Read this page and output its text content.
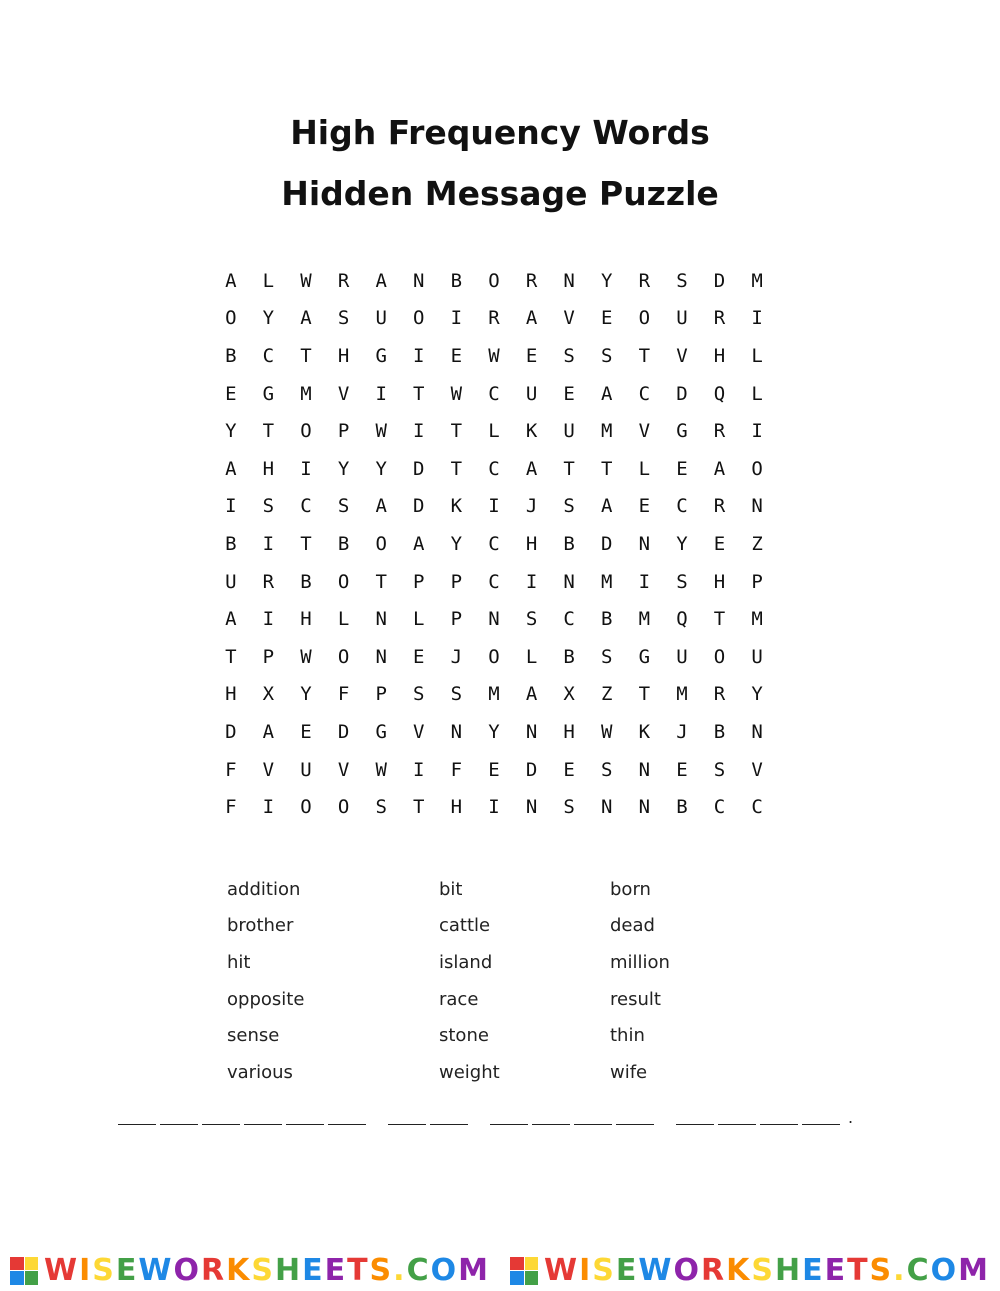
High Frequency Words
Hidden Message Puzzle
A	L	W	R	A	N	B	O	R	N	Y	R	S	D	M
O	Y	A	S	U	O	I	R	A	V	E	O	U	R	I
B	C	T	H	G	I	E	W	E	S	S	T	V	H	L
E	G	M	V	I	T	W	C	U	E	A	C	D	Q	L
Y	T	O	P	W	I	T	L	K	U	M	V	G	R	I
A	H	I	Y	Y	D	T	C	A	T	T	L	E	A	O
I	S	C	S	A	D	K	I	J	S	A	E	C	R	N
B	I	T	B	O	A	Y	C	H	B	D	N	Y	E	Z
U	R	B	O	T	P	P	C	I	N	M	I	S	H	P
A	I	H	L	N	L	P	N	S	C	B	M	Q	T	M
T	P	W	O	N	E	J	O	L	B	S	G	U	O	U
H	X	Y	F	P	S	S	M	A	X	Z	T	M	R	Y
D	A	E	D	G	V	N	Y	N	H	W	K	J	B	N
F	V	U	V	W	I	F	E	D	E	S	N	E	S	V
F	I	O	O	S	T	H	I	N	S	N	N	B	C	C
addition	bit	born
brother	cattle	dead
hit	island	million
opposite	race	result
sense	stone	thin
various	weight	wife
.
WISEWORKSHEETS.COM WISEWORKSHEETS.COM
